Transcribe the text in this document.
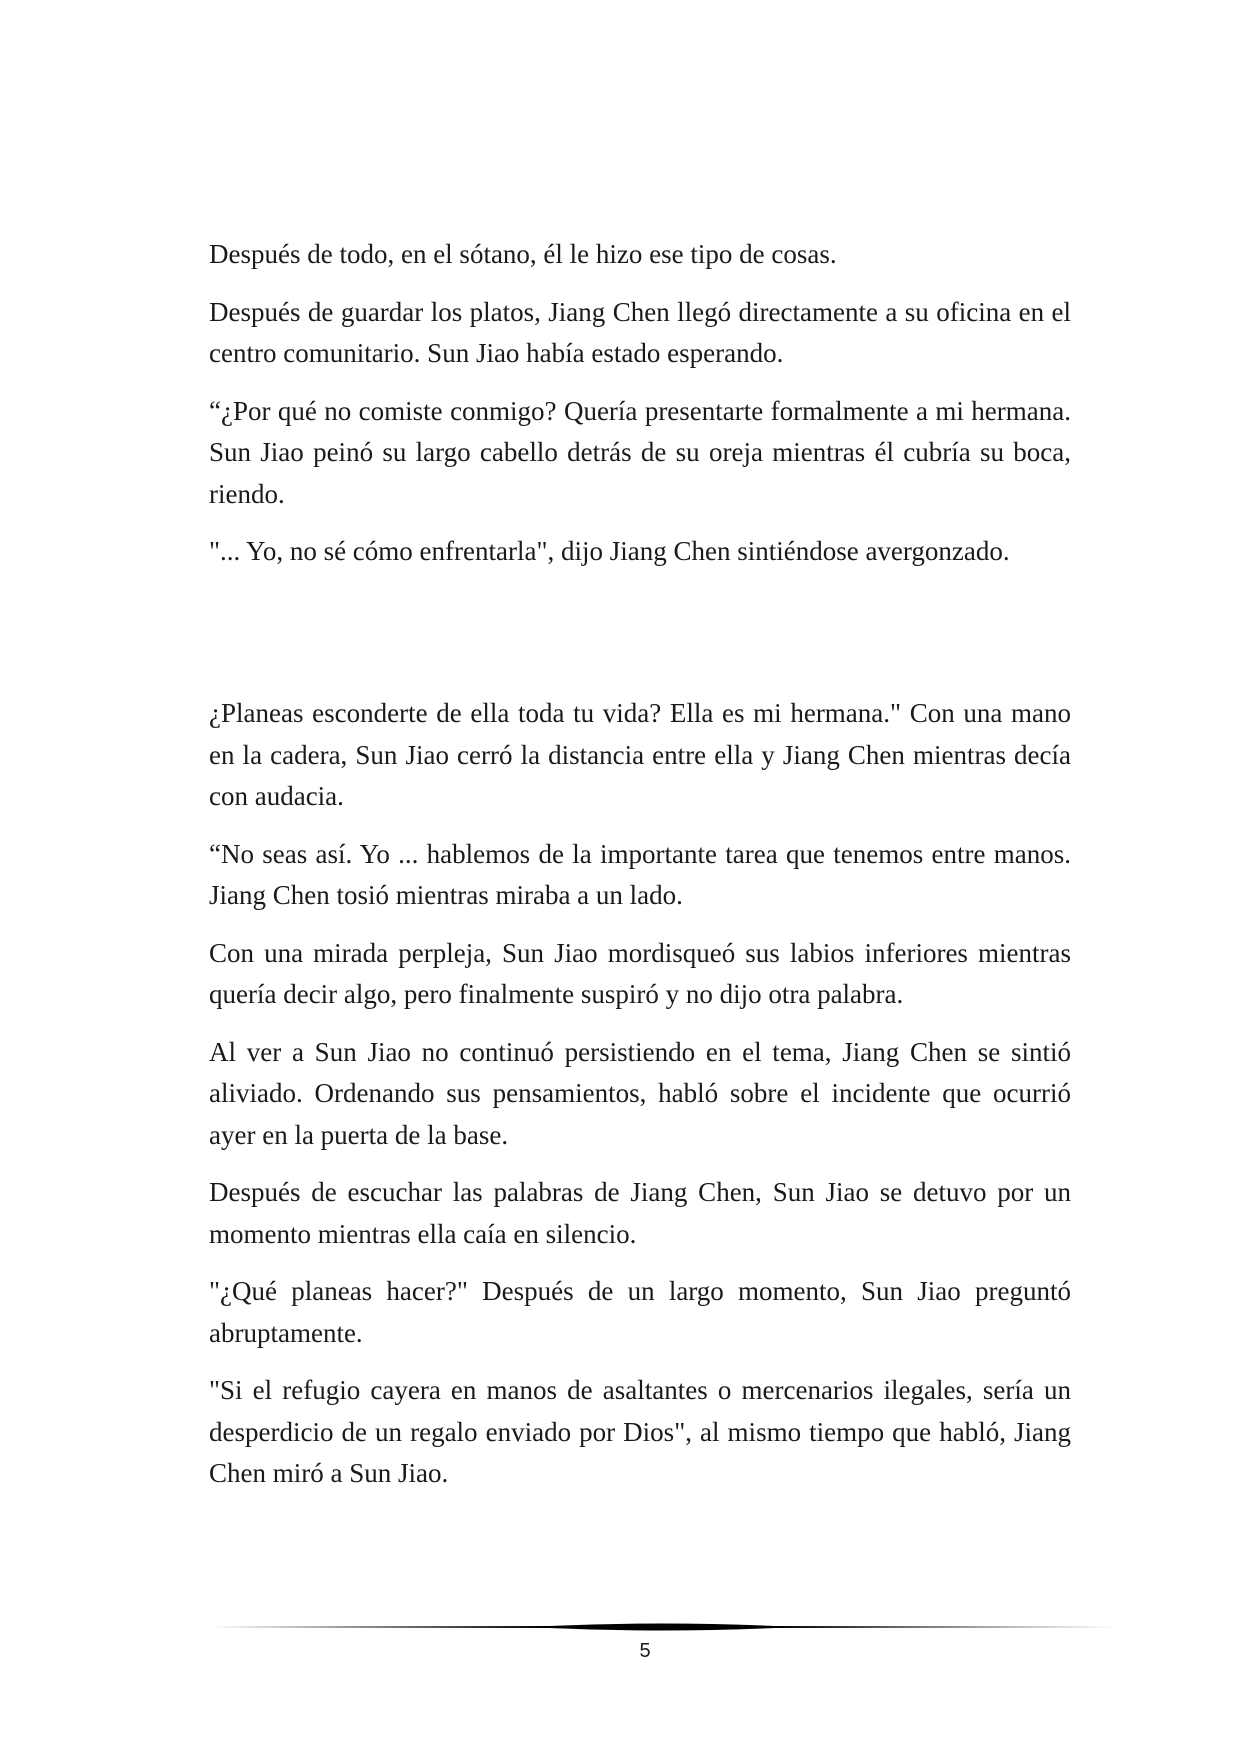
Después de todo, en el sótano, él le hizo ese tipo de cosas.

Después de guardar los platos, Jiang Chen llegó directamente a su oficina en el centro comunitario. Sun Jiao había estado esperando.

“¿Por qué no comiste conmigo? Quería presentarte formalmente a mi hermana. Sun Jiao peinó su largo cabello detrás de su oreja mientras él cubría su boca, riendo.

"... Yo, no sé cómo enfrentarla", dijo Jiang Chen sintiéndose avergonzado.

¿Planeas esconderte de ella toda tu vida? Ella es mi hermana." Con una mano en la cadera, Sun Jiao cerró la distancia entre ella y Jiang Chen mientras decía con audacia.

“No seas así. Yo ... hablemos de la importante tarea que tenemos entre manos. Jiang Chen tosió mientras miraba a un lado.

Con una mirada perpleja, Sun Jiao mordisqueó sus labios inferiores mientras quería decir algo, pero finalmente suspiró y no dijo otra palabra.

Al ver a Sun Jiao no continuó persistiendo en el tema, Jiang Chen se sintió aliviado. Ordenando sus pensamientos, habló sobre el incidente que ocurrió ayer en la puerta de la base.

Después de escuchar las palabras de Jiang Chen, Sun Jiao se detuvo por un momento mientras ella caía en silencio.

"¿Qué planeas hacer?" Después de un largo momento, Sun Jiao preguntó abruptamente.

"Si el refugio cayera en manos de asaltantes o mercenarios ilegales, sería un desperdicio de un regalo enviado por Dios", al mismo tiempo que habló, Jiang Chen miró a Sun Jiao.

5
